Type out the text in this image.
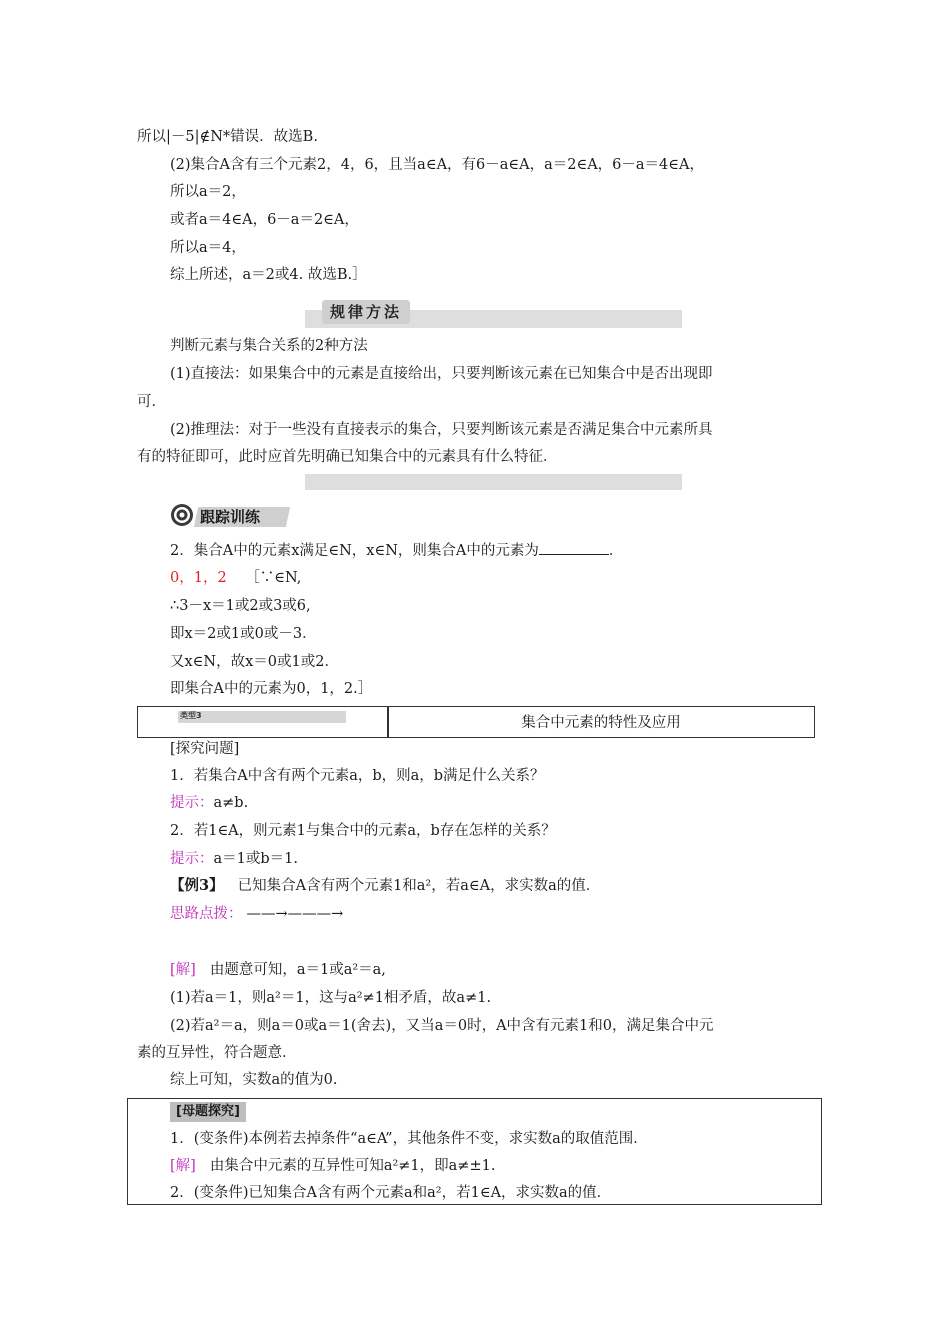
所以|－5|∉N*错误．故选B.
(2)集合A含有三个元素2，4，6，且当a∈A，有6－a∈A，a＝2∈A，6－a＝4∈A，
所以a＝2，
或者a＝4∈A，6－a＝2∈A，
所以a＝4，
综上所述，a＝2或4. 故选B.］
规律方法
判断元素与集合关系的2种方法
(1)直接法：如果集合中的元素是直接给出，只要判断该元素在已知集合中是否出现即
可．
(2)推理法：对于一些没有直接表示的集合，只要判断该元素是否满足集合中元素所具
有的特征即可，此时应首先明确已知集合中的元素具有什么特征．
跟踪训练
2．集合A中的元素x满足∈N，x∈N，则集合A中的元素为	．
0，1，2 ［∵∈N,
∴3－x＝1或2或3或6,
即x＝2或1或0或－3．
又x∈N，故x＝0或1或2．
即集合A中的元素为0，1，2.］
类型3	集合中元素的特性及应用
[探究问题]
1．若集合A中含有两个元素a，b，则a，b满足什么关系？
提示：a≠b.
2．若1∈A，则元素1与集合中的元素a，b存在怎样的关系？
提示：a＝1或b＝1.
【例3】 已知集合A含有两个元素1和a²，若a∈A，求实数a的值．
思路点拨： ——→———→
[解] 由题意可知，a＝1或a²＝a,
(1)若a＝1，则a²＝1，这与a²≠1相矛盾，故a≠1.
(2)若a²＝a，则a＝0或a＝1(舍去)，又当a＝0时，A中含有元素1和0，满足集合中元
素的互异性，符合题意．
综上可知，实数a的值为0.
[母题探究]
1．(变条件)本例若去掉条件“a∈A”，其他条件不变，求实数a的取值范围．
[解] 由集合中元素的互异性可知a²≠1，即a≠±1.
2．(变条件)已知集合A含有两个元素a和a²，若1∈A，求实数a的值．
